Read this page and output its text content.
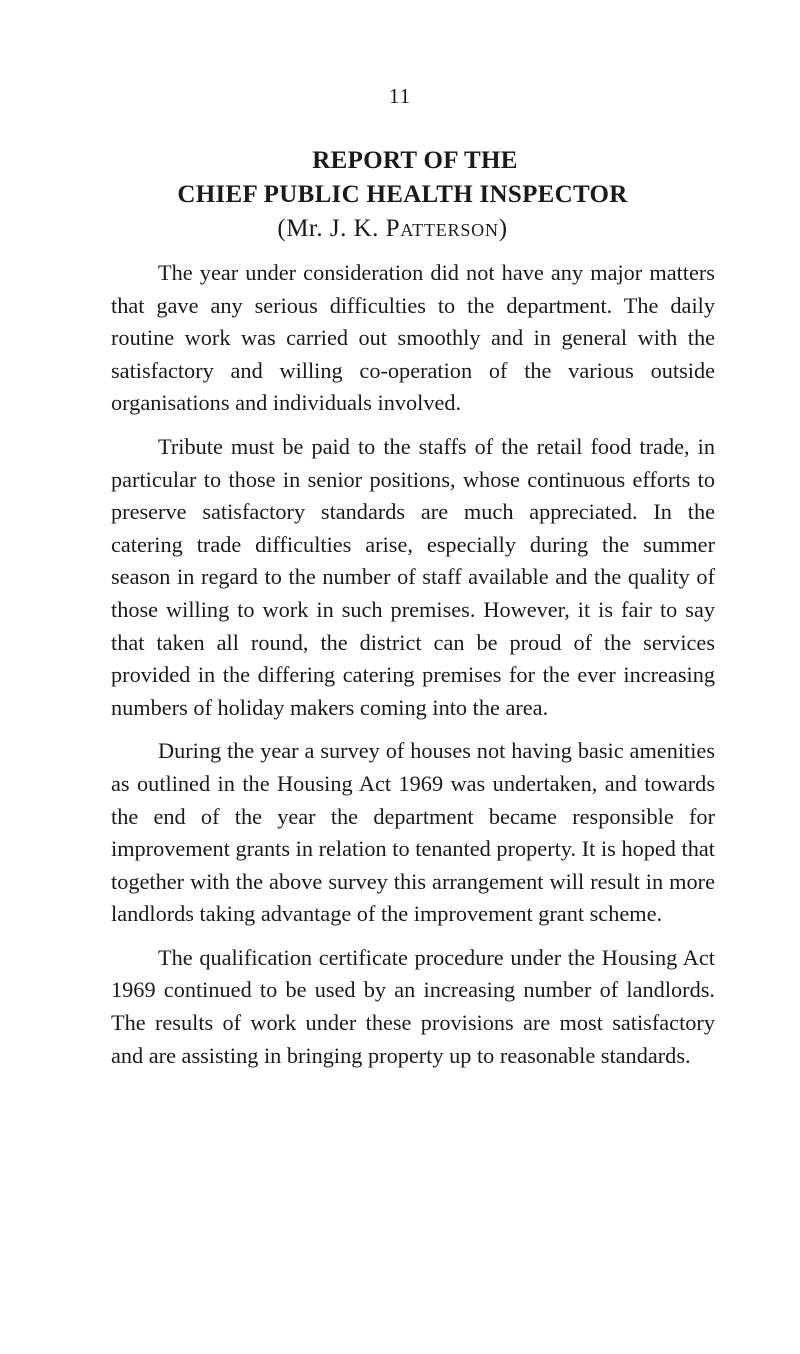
11
REPORT OF THE
CHIEF PUBLIC HEALTH INSPECTOR
(Mr. J. K. Patterson)

The year under consideration did not have any major matters that gave any serious difficulties to the department. The daily routine work was carried out smoothly and in general with the satisfactory and willing co-operation of the various outside organisations and individuals involved.

Tribute must be paid to the staffs of the retail food trade, in particular to those in senior positions, whose continuous efforts to preserve satisfactory standards are much appreciated. In the catering trade difficulties arise, especially during the summer season in regard to the number of staff available and the quality of those willing to work in such premises. However, it is fair to say that taken all round, the district can be proud of the services provided in the differing catering premises for the ever increasing numbers of holiday makers coming into the area.

During the year a survey of houses not having basic amenities as outlined in the Housing Act 1969 was undertaken, and towards the end of the year the department became responsible for improvement grants in relation to tenanted property. It is hoped that together with the above survey this arrangement will result in more landlords taking advantage of the improvement grant scheme.

The qualification certificate procedure under the Housing Act 1969 continued to be used by an increasing number of landlords. The results of work under these provisions are most satisfactory and are assisting in bringing property up to reasonable standards.
